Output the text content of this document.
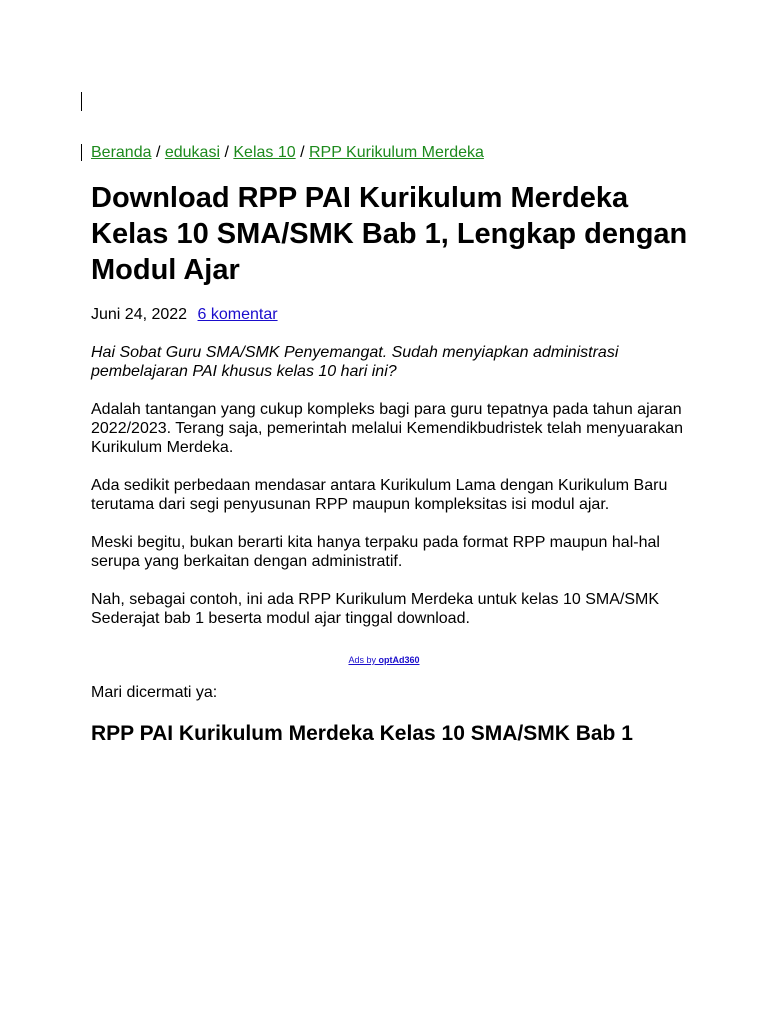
Beranda / edukasi / Kelas 10 / RPP Kurikulum Merdeka
Download RPP PAI Kurikulum Merdeka Kelas 10 SMA/SMK Bab 1, Lengkap dengan Modul Ajar
Juni 24, 2022 6 komentar

Hai Sobat Guru SMA/SMK Penyemangat. Sudah menyiapkan administrasi pembelajaran PAI khusus kelas 10 hari ini?

Adalah tantangan yang cukup kompleks bagi para guru tepatnya pada tahun ajaran 2022/2023. Terang saja, pemerintah melalui Kemendikbudristek telah menyuarakan Kurikulum Merdeka.

Ada sedikit perbedaan mendasar antara Kurikulum Lama dengan Kurikulum Baru terutama dari segi penyusunan RPP maupun kompleksitas isi modul ajar.

Meski begitu, bukan berarti kita hanya terpaku pada format RPP maupun hal-hal serupa yang berkaitan dengan administratif.

Nah, sebagai contoh, ini ada RPP Kurikulum Merdeka untuk kelas 10 SMA/SMK Sederajat bab 1 beserta modul ajar tinggal download.

Ads by optAd360

Mari dicermati ya:

RPP PAI Kurikulum Merdeka Kelas 10 SMA/SMK Bab 1
